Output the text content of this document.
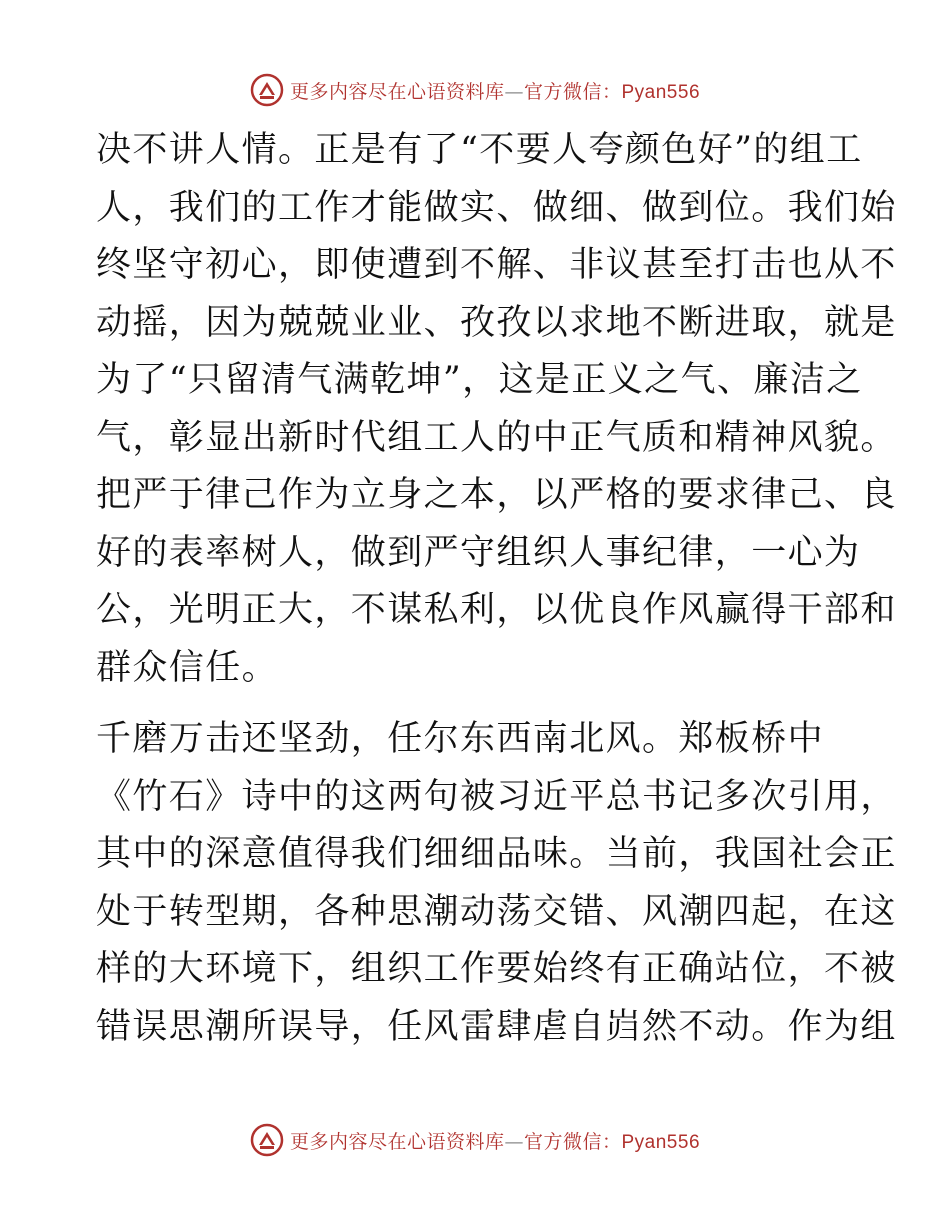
更多内容尽在心语资料库—官方微信：Pyan556

决不讲人情。正是有了“不要人夸颜色好”的组工
人，我们的工作才能做实、做细、做到位。我们始
终坚守初心，即使遭到不解、非议甚至打击也从不
动摇，因为兢兢业业、孜孜以求地不断进取，就是
为了“只留清气满乾坤”，这是正义之气、廉洁之
气，彰显出新时代组工人的中正气质和精神风貌。
把严于律己作为立身之本，以严格的要求律己、良
好的表率树人，做到严守组织人事纪律，一心为
公，光明正大，不谋私利，以优良作风赢得干部和
群众信任。

千磨万击还坚劲，任尔东西南北风。郑板桥中
《竹石》诗中的这两句被习近平总书记多次引用，
其中的深意值得我们细细品味。当前，我国社会正
处于转型期，各种思潮动荡交错、风潮四起，在这
样的大环境下，组织工作要始终有正确站位，不被
错误思潮所误导，任风雷肆虐自岿然不动。作为组

更多内容尽在心语资料库—官方微信：Pyan556
